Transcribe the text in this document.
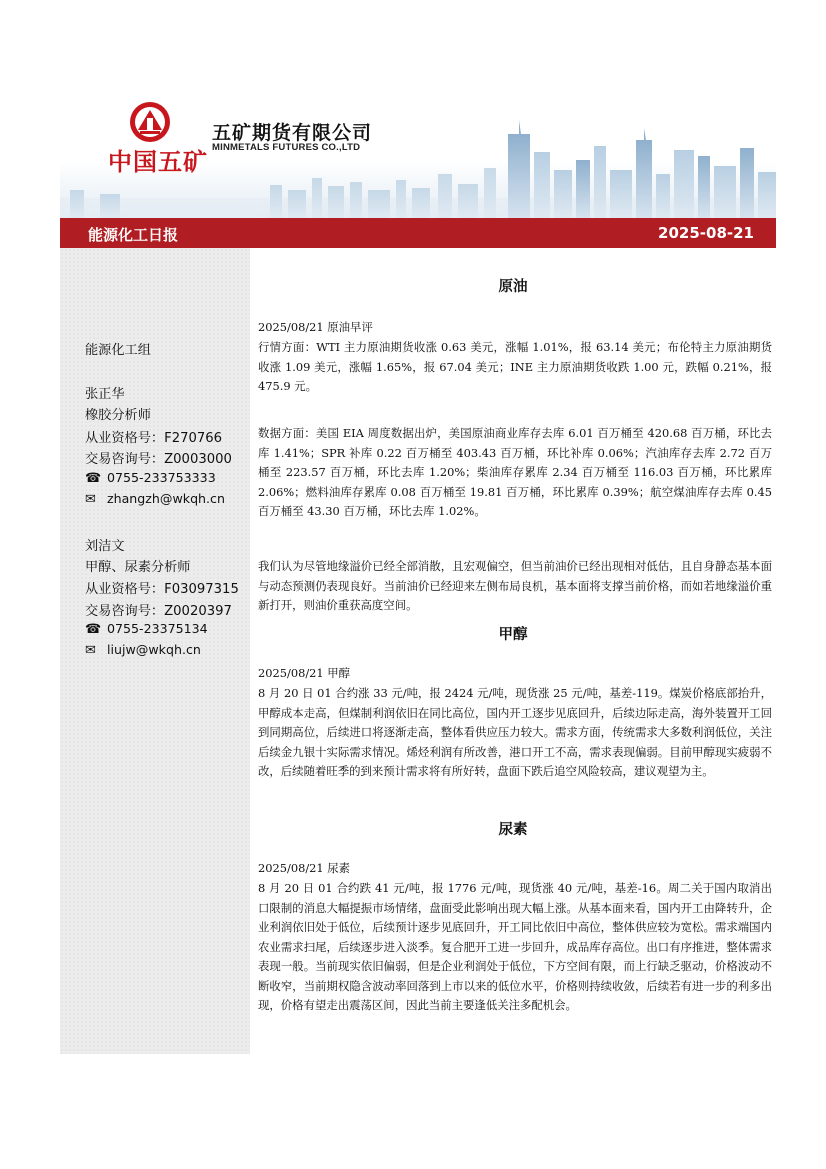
中国五矿
五矿期货有限公司
MINMETALS FUTURES CO.,LTD
能源化工日报	2025-08-21
能源化工组
张正华
橡胶分析师
从业资格号：F270766
交易咨询号：Z0003000
☎ 0755-233753333
✉ zhangzh@wkqh.cn
刘洁文
甲醇、尿素分析师
从业资格号：F03097315
交易咨询号：Z0020397
☎ 0755-23375134
✉ liujw@wkqh.cn
原油
2025/08/21 原油早评

行情方面：WTI 主力原油期货收涨 0.63 美元，涨幅 1.01%，报 63.14 美元；布伦特主力原油期货收涨 1.09 美元，涨幅 1.65%，报 67.04 美元；INE 主力原油期货收跌 1.00 元，跌幅 0.21%，报 475.9 元。

数据方面：美国 EIA 周度数据出炉，美国原油商业库存去库 6.01 百万桶至 420.68 百万桶，环比去库 1.41%；SPR 补库 0.22 百万桶至 403.43 百万桶，环比补库 0.06%；汽油库存去库 2.72 百万桶至 223.57 百万桶，环比去库 1.20%；柴油库存累库 2.34 百万桶至 116.03 百万桶，环比累库 2.06%；燃料油库存累库 0.08 百万桶至 19.81 百万桶，环比累库 0.39%；航空煤油库存去库 0.45 百万桶至 43.30 百万桶，环比去库 1.02%。

我们认为尽管地缘溢价已经全部消散，且宏观偏空，但当前油价已经出现相对低估，且自身静态基本面与动态预测仍表现良好。当前油价已经迎来左侧布局良机，基本面将支撑当前价格，而如若地缘溢价重新打开，则油价重获高度空间。

甲醇
2025/08/21 甲醇

8 月 20 日 01 合约涨 33 元/吨，报 2424 元/吨，现货涨 25 元/吨，基差-119。煤炭价格底部抬升，甲醇成本走高，但煤制利润依旧在同比高位，国内开工逐步见底回升，后续边际走高，海外装置开工回到同期高位，后续进口将逐渐走高，整体看供应压力较大。需求方面，传统需求大多数利润低位，关注后续金九银十实际需求情况。烯烃利润有所改善，港口开工不高，需求表现偏弱。目前甲醇现实疲弱不改，后续随着旺季的到来预计需求将有所好转，盘面下跌后追空风险较高，建议观望为主。

尿素
2025/08/21 尿素

8 月 20 日 01 合约跌 41 元/吨，报 1776 元/吨，现货涨 40 元/吨，基差-16。周二关于国内取消出口限制的消息大幅提振市场情绪，盘面受此影响出现大幅上涨。从基本面来看，国内开工由降转升，企业利润依旧处于低位，后续预计逐步见底回升，开工同比依旧中高位，整体供应较为宽松。需求端国内农业需求扫尾，后续逐步进入淡季。复合肥开工进一步回升，成品库存高位。出口有序推进，整体需求表现一般。当前现实依旧偏弱，但是企业利润处于低位，下方空间有限，而上行缺乏驱动，价格波动不断收窄，当前期权隐含波动率回落到上市以来的低位水平，价格则持续收敛，后续若有进一步的利多出现，价格有望走出震荡区间，因此当前主要逢低关注多配机会。
